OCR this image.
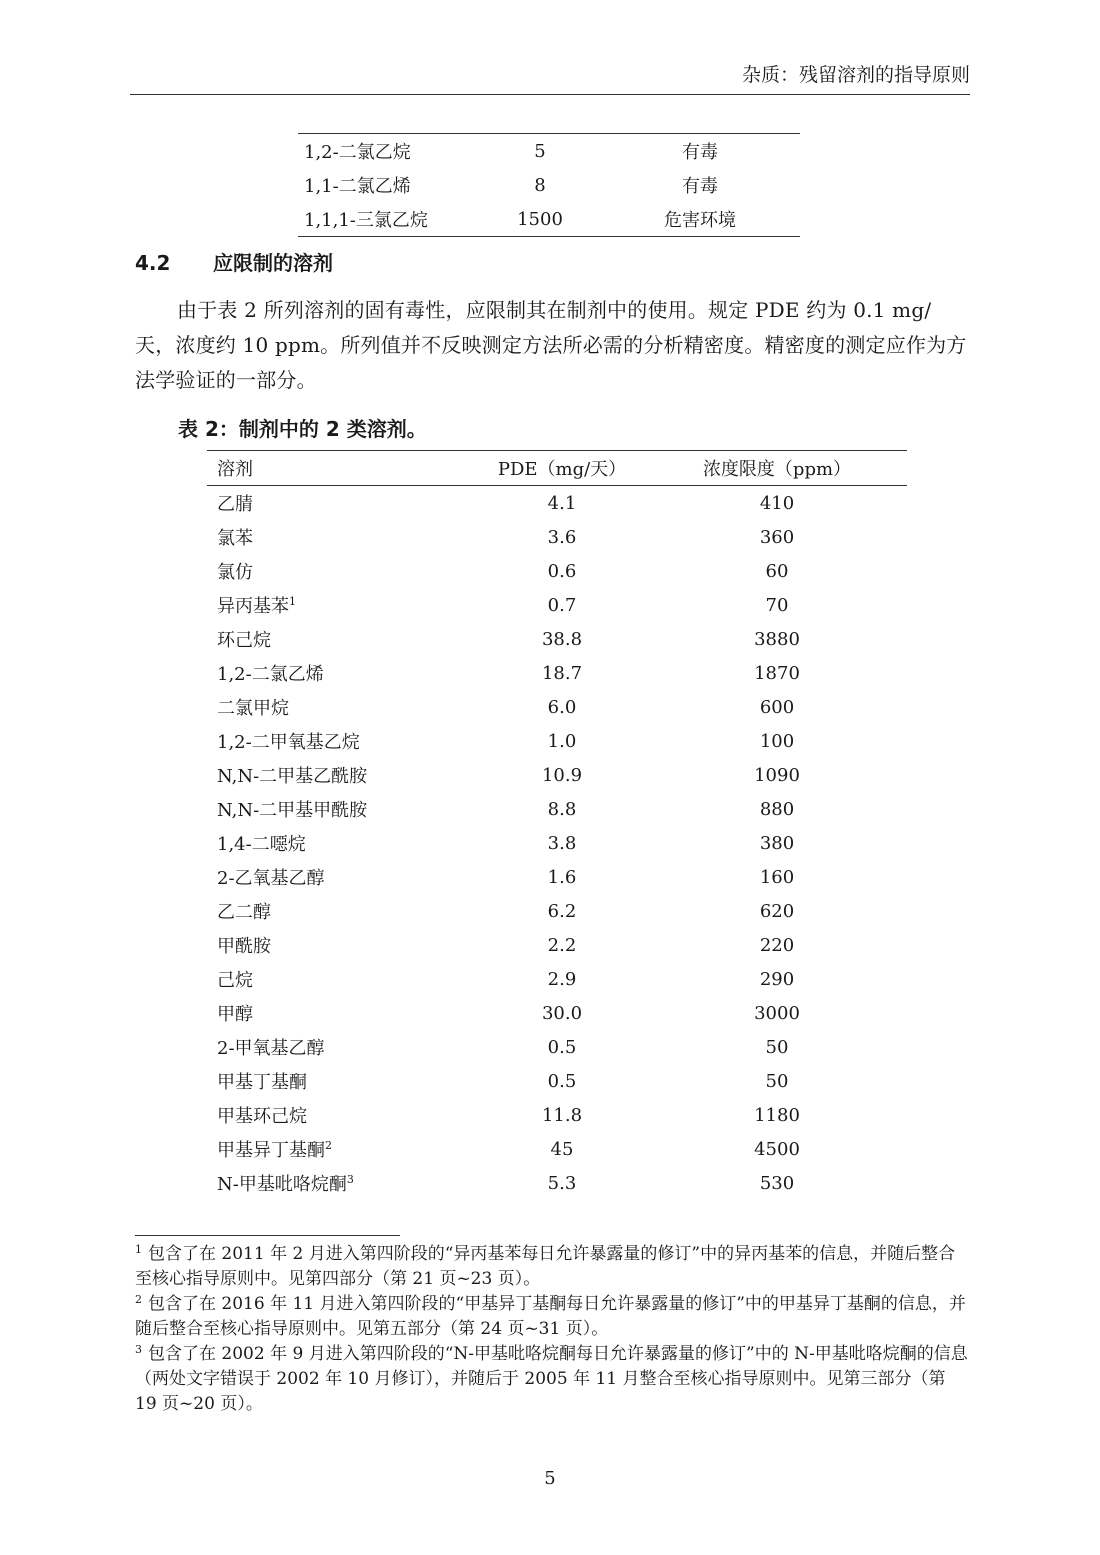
杂质：残留溶剂的指导原则
1,2-二氯乙烷	5	有毒
1,1-二氯乙烯	8	有毒
1,1,1-三氯乙烷	1500	危害环境
4.2 应限制的溶剂

由于表 2 所列溶剂的固有毒性，应限制其在制剂中的使用。规定 PDE 约为 0.1 mg/天，浓度约 10 ppm。所列值并不反映测定方法所必需的分析精密度。精密度的测定应作为方法学验证的一部分。

表 2：制剂中的 2 类溶剂。
溶剂	PDE（mg/天）	浓度限度（ppm）
乙腈	4.1	410
氯苯	3.6	360
氯仿	0.6	60
异丙基苯$^1$	0.7	70
环己烷	38.8	3880
1,2-二氯乙烯	18.7	1870
二氯甲烷	6.0	600
1,2-二甲氧基乙烷	1.0	100
N,N-二甲基乙酰胺	10.9	1090
N,N-二甲基甲酰胺	8.8	880
1,4-二噁烷	3.8	380
2-乙氧基乙醇	1.6	160
乙二醇	6.2	620
甲酰胺	2.2	220
己烷	2.9	290
甲醇	30.0	3000
2-甲氧基乙醇	0.5	50
甲基丁基酮	0.5	50
甲基环己烷	11.8	1180
甲基异丁基酮$^2$	45	4500
N-甲基吡咯烷酮$^3$	5.3	530

$^1$ 包含了在 2011 年 2 月进入第四阶段的“异丙基苯每日允许暴露量的修订”中的异丙基苯的信息，并随后整合至核心指导原则中。见第四部分（第 21 页~23 页）。

$^2$ 包含了在 2016 年 11 月进入第四阶段的“甲基异丁基酮每日允许暴露量的修订”中的甲基异丁基酮的信息，并随后整合至核心指导原则中。见第五部分（第 24 页~31 页）。

$^3$ 包含了在 2002 年 9 月进入第四阶段的“N-甲基吡咯烷酮每日允许暴露量的修订”中的 N-甲基吡咯烷酮的信息（两处文字错误于 2002 年 10 月修订），并随后于 2005 年 11 月整合至核心指导原则中。见第三部分（第 19 页~20 页）。

5
